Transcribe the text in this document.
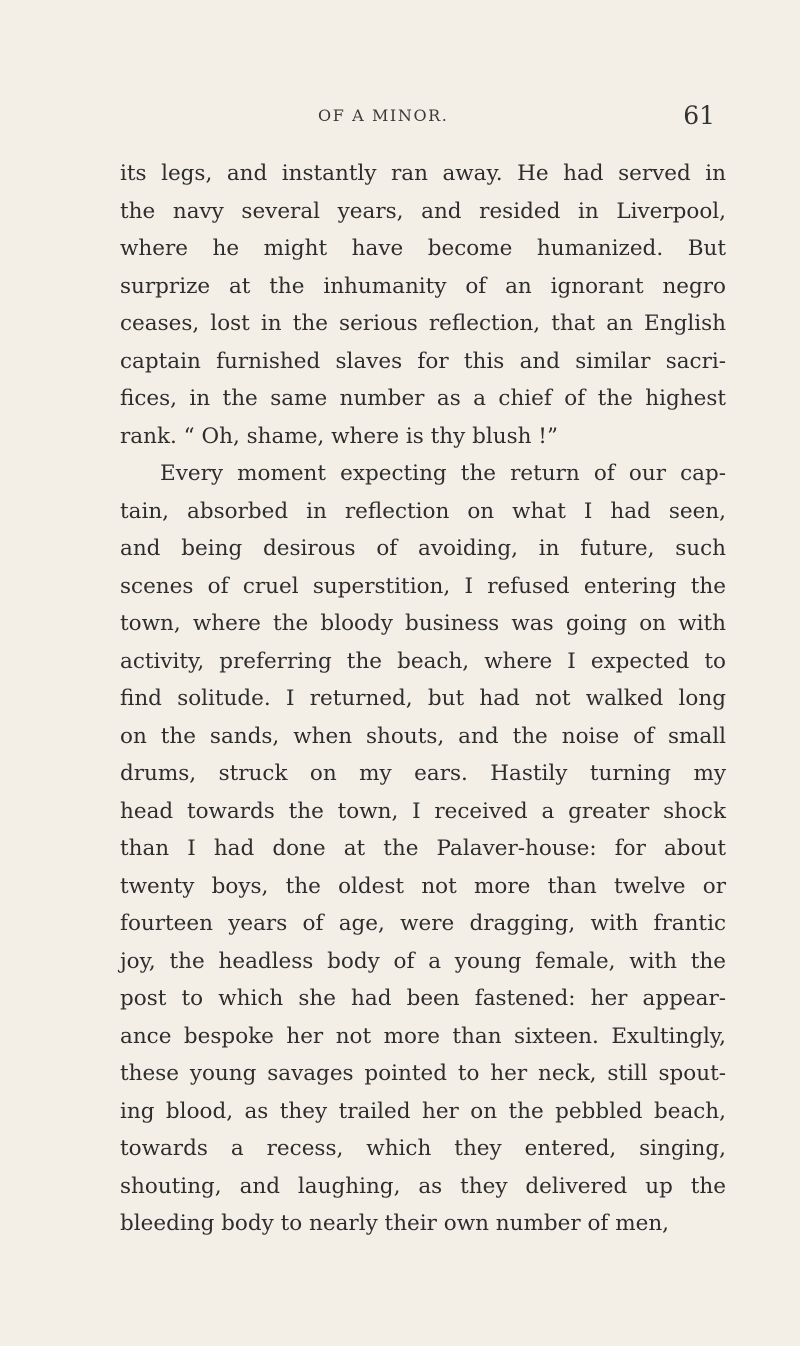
OF A MINOR.	61
its legs, and instantly ran away. He had served in
the navy several years, and resided in Liverpool,
where he might have become humanized. But
surprize at the inhumanity of an ignorant negro
ceases, lost in the serious reflection, that an English
captain furnished slaves for this and similar sacri-
fices, in the same number as a chief of the highest
rank. “ Oh, shame, where is thy blush !”
Every moment expecting the return of our cap-
tain, absorbed in reflection on what I had seen,
and being desirous of avoiding, in future, such
scenes of cruel superstition, I refused entering the
town, where the bloody business was going on with
activity, preferring the beach, where I expected to
find solitude. I returned, but had not walked long
on the sands, when shouts, and the noise of small
drums, struck on my ears. Hastily turning my
head towards the town, I received a greater shock
than I had done at the Palaver-house: for about
twenty boys, the oldest not more than twelve or
fourteen years of age, were dragging, with frantic
joy, the headless body of a young female, with the
post to which she had been fastened: her appear-
ance bespoke her not more than sixteen. Exultingly,
these young savages pointed to her neck, still spout-
ing blood, as they trailed her on the pebbled beach,
towards a recess, which they entered, singing,
shouting, and laughing, as they delivered up the
bleeding body to nearly their own number of men,
